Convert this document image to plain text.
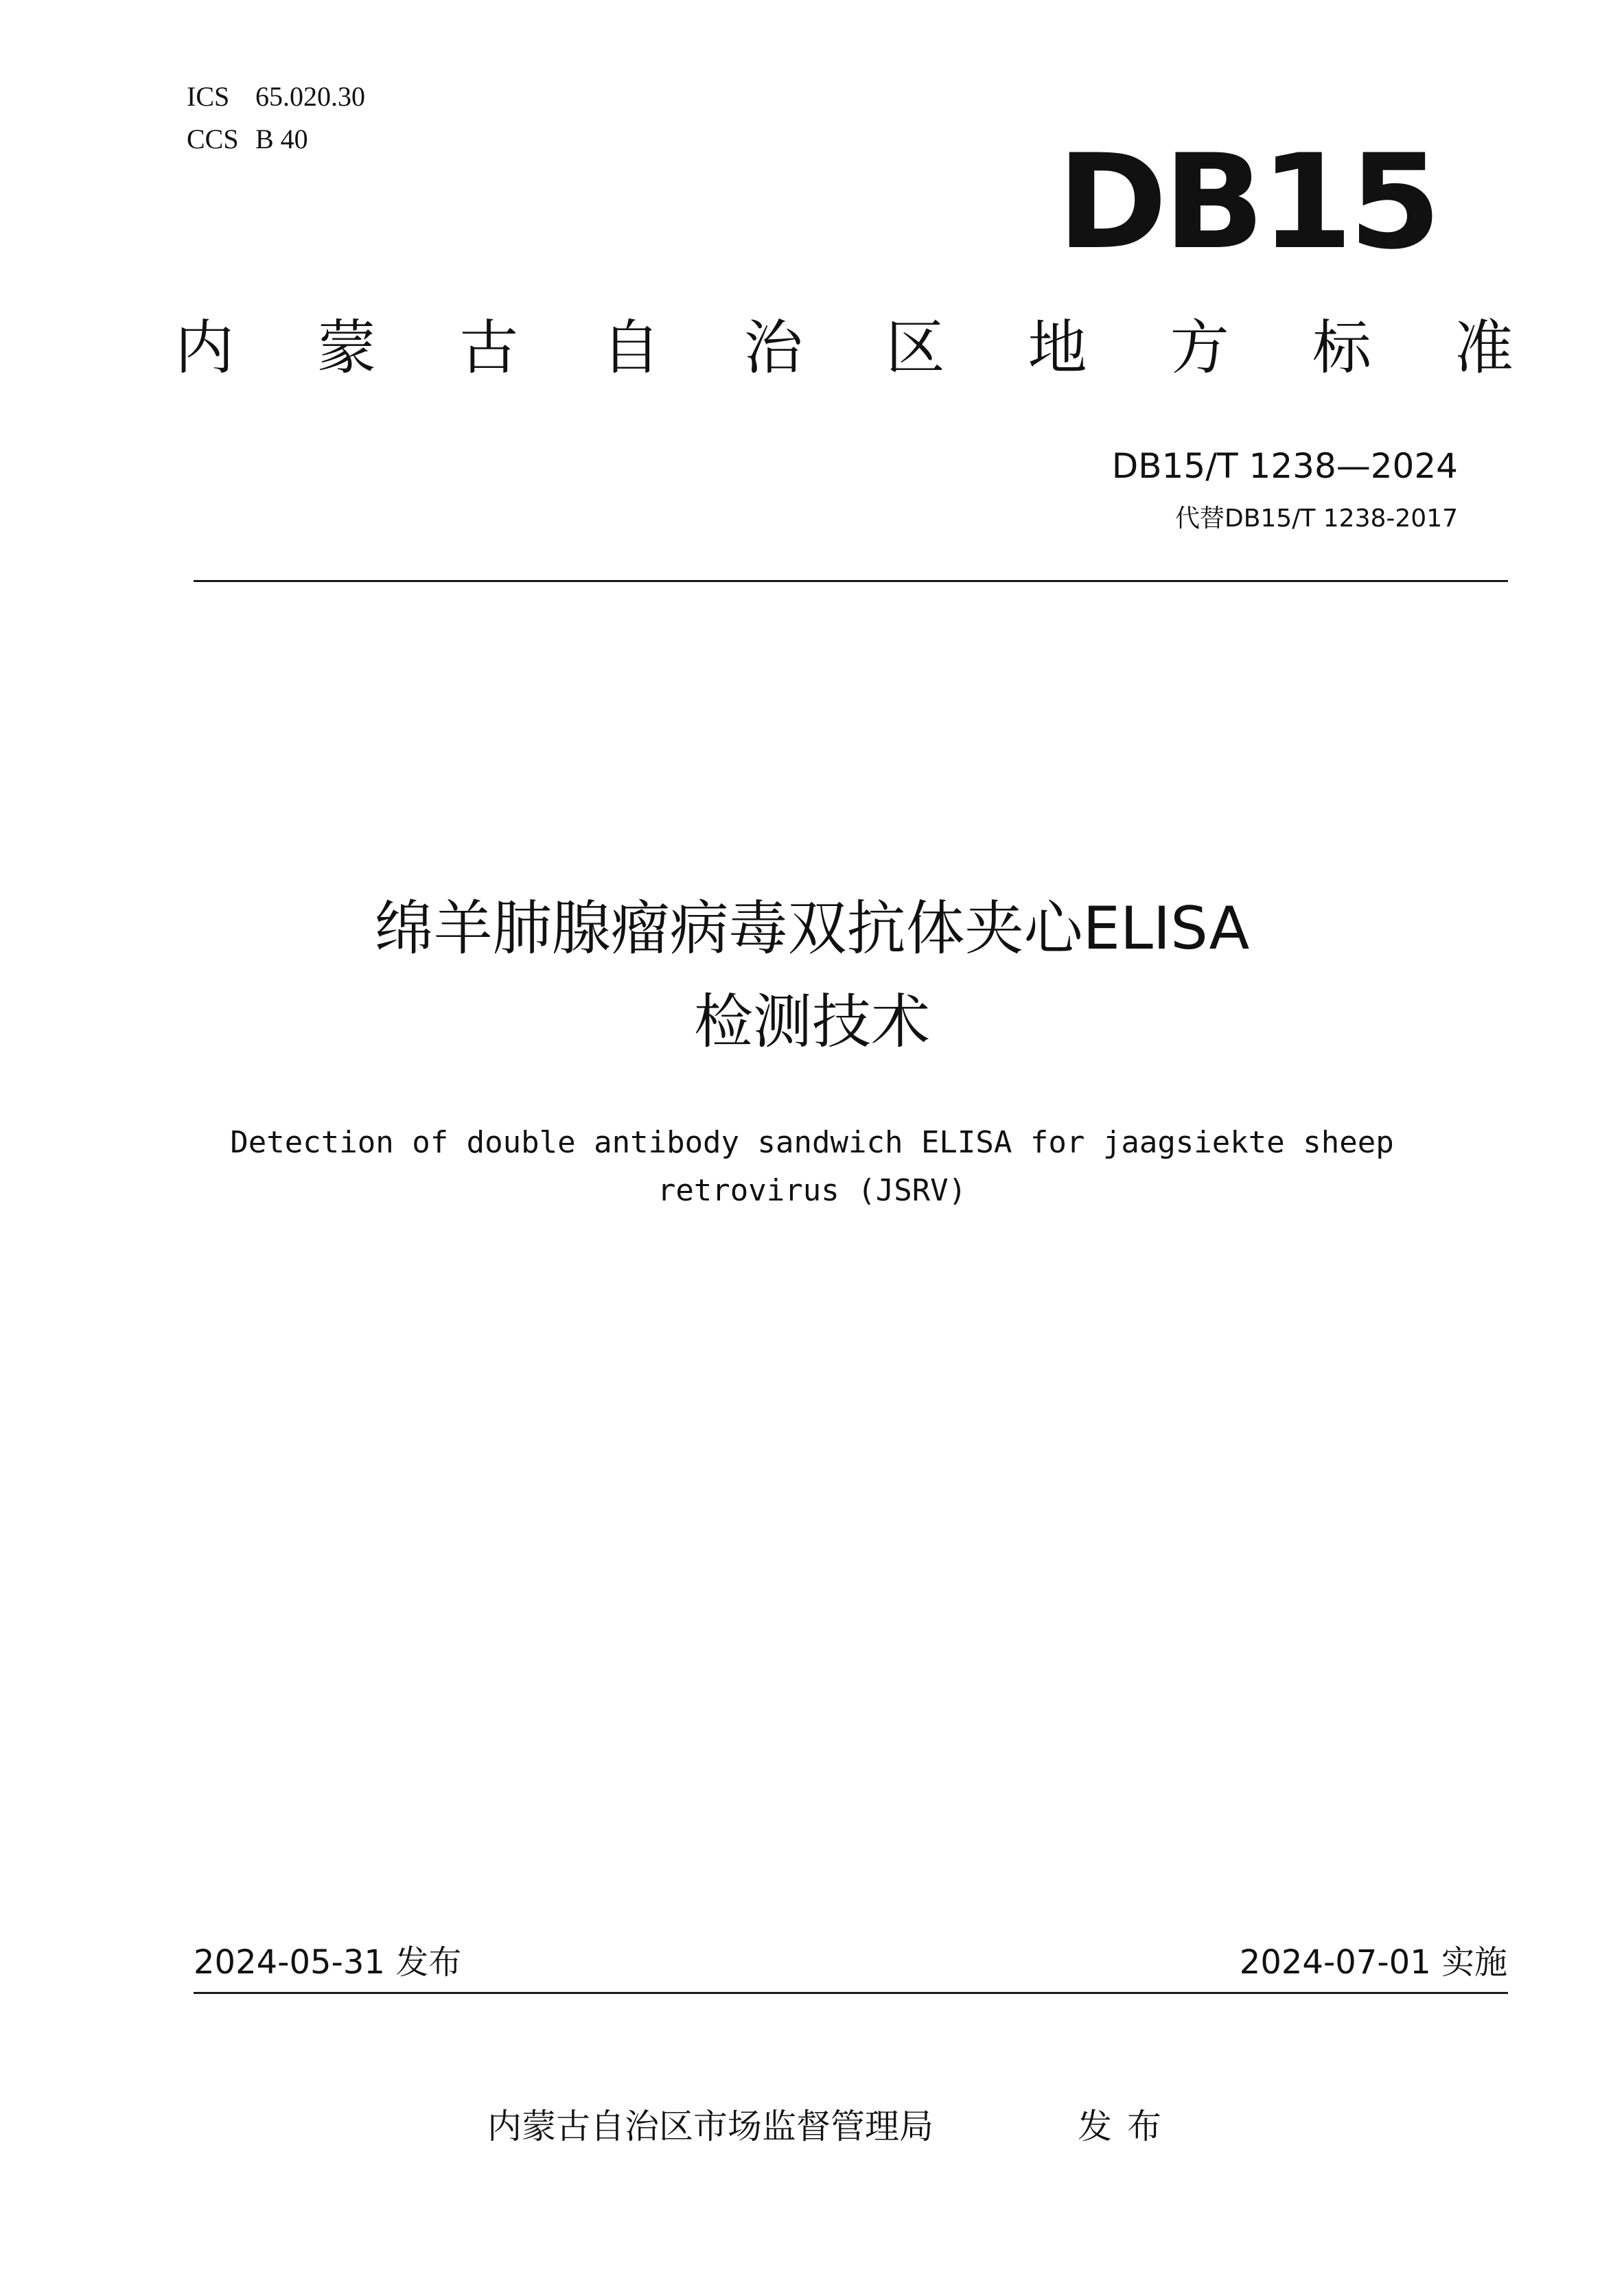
ICS 65.020.30
CCS B 40	DB15
内 蒙 古 自 治 区 地 方 标 准
DB15/T 1238—2024
代替DB15/T 1238-2017
绵羊肺腺瘤病毒双抗体夹心ELISA
检测技术
Detection of double antibody sandwich ELISA for jaagsiekte sheep
retrovirus (JSRV)
2024-05-31 发布	2024-07-01 实施
内蒙古自治区市场监督管理局	发布
